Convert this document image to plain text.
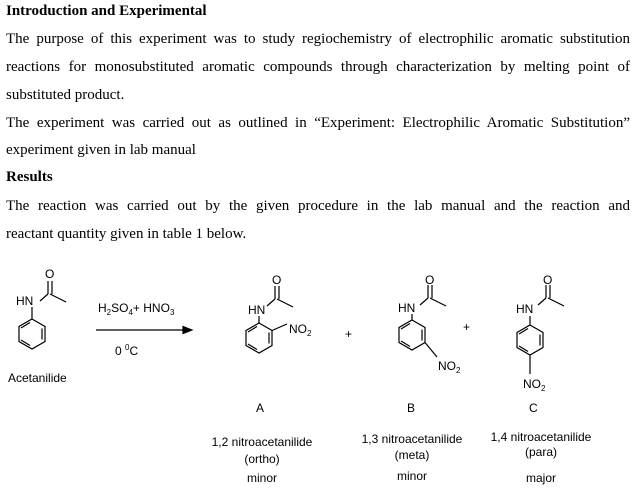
Introduction and Experimental
The purpose of this experiment was to study regiochemistry of electrophilic aromatic substitution
reactions for monosubstituted aromatic compounds through characterization by melting point of
substituted product.
The experiment was carried out as outlined in “Experiment: Electrophilic Aromatic Substitution”
experiment given in lab manual
Results
The reaction was carried out by the given procedure in the lab manual and the reaction and
reactant quantity given in table 1 below.
O
HN
Acetanilide
$H_2SO_4+ HNO_3$
0 $^0$C
O
HN
$NO_2$	+
O
HN
$NO_2$
+
O
HN
$NO_2$
A	B	C
1,2 nitroacetanilide
(ortho)
minor
1,3 nitroacetanilide
(meta)
minor
1,4 nitroacetanilide
(para)
major
